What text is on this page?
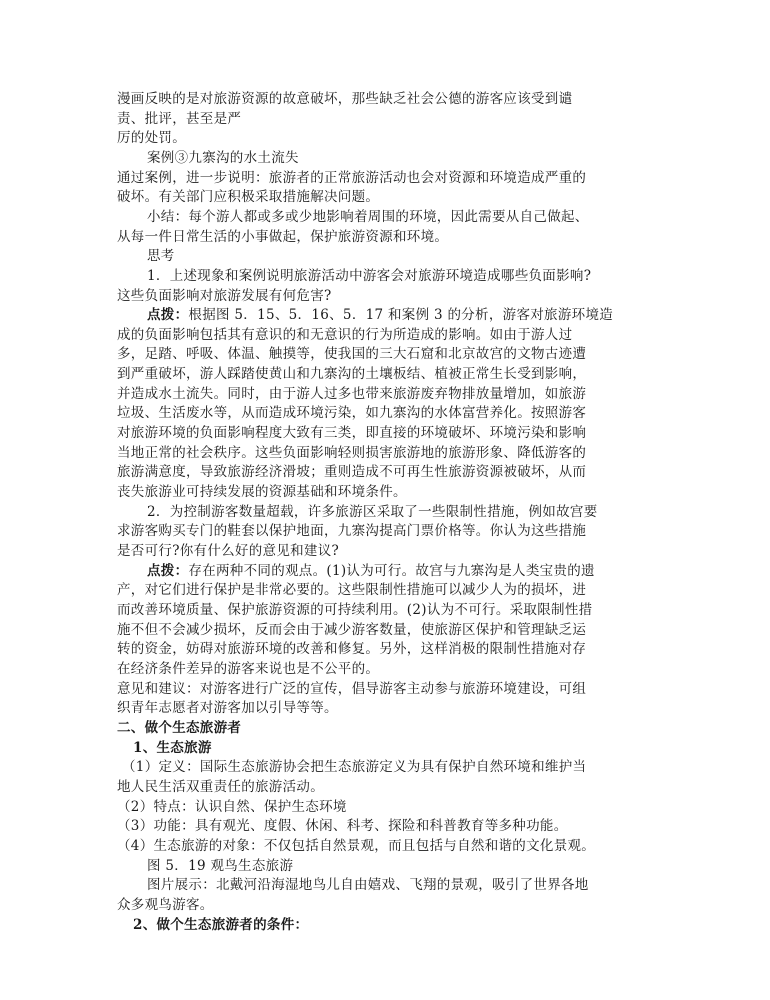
漫画反映的是对旅游资源的故意破坏，那些缺乏社会公德的游客应该受到谴
责、批评，甚至是严
厉的处罚。
案例③九寨沟的水土流失
通过案例，进一步说明：旅游者的正常旅游活动也会对资源和环境造成严重的
破坏。有关部门应积极采取措施解决问题。
小结：每个游人都或多或少地影响着周围的环境，因此需要从自己做起、
从每一件日常生活的小事做起，保护旅游资源和环境。
思考
1．上述现象和案例说明旅游活动中游客会对旅游环境造成哪些负面影响?
这些负面影响对旅游发展有何危害?
点拨：根据图 5．15、5．16、5．17 和案例 3 的分析，游客对旅游环境造
成的负面影响包括其有意识的和无意识的行为所造成的影响。如由于游人过
多，足踏、呼吸、体温、触摸等，使我国的三大石窟和北京故宫的文物古迹遭
到严重破坏，游人踩踏使黄山和九寨沟的土壤板结、植被正常生长受到影响，
并造成水土流失。同时，由于游人过多也带来旅游废弃物排放量增加，如旅游
垃圾、生活废水等，从而造成环境污染，如九寨沟的水体富营养化。按照游客
对旅游环境的负面影响程度大致有三类，即直接的环境破坏、环境污染和影响
当地正常的社会秩序。这些负面影响轻则损害旅游地的旅游形象、降低游客的
旅游满意度，导致旅游经济滑坡；重则造成不可再生性旅游资源被破坏，从而
丧失旅游业可持续发展的资源基础和环境条件。
2．为控制游客数量超载，许多旅游区采取了一些限制性措施，例如故宫要
求游客购买专门的鞋套以保护地面，九寨沟提高门票价格等。你认为这些措施
是否可行?你有什么好的意见和建议?
点拨：存在两种不同的观点。(1)认为可行。故宫与九寨沟是人类宝贵的遗
产，对它们进行保护是非常必要的。这些限制性措施可以减少人为的损坏，进
而改善环境质量、保护旅游资源的可持续利用。(2)认为不可行。采取限制性措
施不但不会减少损坏，反而会由于减少游客数量，使旅游区保护和管理缺乏运
转的资金，妨碍对旅游环境的改善和修复。另外，这样消极的限制性措施对存
在经济条件差异的游客来说也是不公平的。
意见和建议：对游客进行广泛的宣传，倡导游客主动参与旅游环境建设，可组
织青年志愿者对游客加以引导等等。
二、做个生态旅游者
1、生态旅游
（1）定义：国际生态旅游协会把生态旅游定义为具有保护自然环境和维护当
地人民生活双重责任的旅游活动。
（2）特点：认识自然、保护生态环境
（3）功能：具有观光、度假、休闲、科考、探险和科普教育等多种功能。
（4）生态旅游的对象：不仅包括自然景观，而且包括与自然和谐的文化景观。
图 5．19 观鸟生态旅游
图片展示：北戴河沿海湿地鸟儿自由嬉戏、飞翔的景观，吸引了世界各地
众多观鸟游客。
2、做个生态旅游者的条件：
